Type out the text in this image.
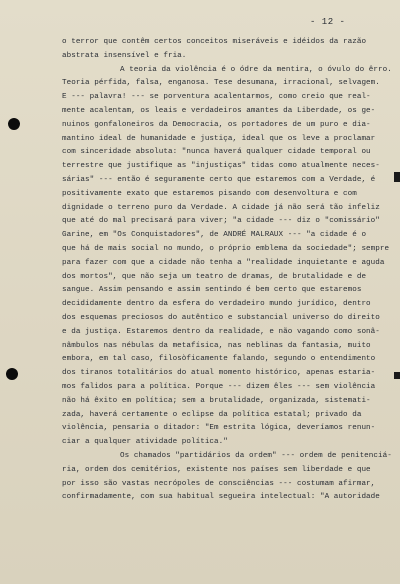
- 12 -
o terror que contêm certos conceitos miseráveis e idéidos da razão
abstrata insensível e fria.
A teoria da violência é o ódre da mentira, o óvulo do êrro.
Teoria pérfida, falsa, enganosa. Tese desumana, irracional, selvagem.
E --- palavra! --- se porventura acalentarmos, como creio que real-
mente acalentam, os leais e verdadeiros amantes da Liberdade, os ge-
nuinos gonfaloneiros da Democracia, os portadores de um puro e dia-
mantino ideal de humanidade e justiça, ideal que os leve a proclamar
com sinceridade absoluta: "nunca haverá qualquer cidade temporal ou
terrestre que justifique as "injustiças" tidas como atualmente neces-
sárias" --- então é seguramente certo que estaremos com a Verdade, é
positivamente exato que estaremos pisando com desenvoltura e com
dignidade o terreno puro da Verdade. A cidade já não será tão infeliz
que até do mal precisará para viver; "a cidade --- diz o "comissário"
Garine, em "Os Conquistadores", de ANDRÉ MALRAUX --- "a cidade é o
que há de mais social no mundo, o próprio emblema da sociedade"; sempre
para fazer com que a cidade não tenha a "realidade inquietante e aguda
dos mortos", que não seja um teatro de dramas, de brutalidade e de
sangue. Assim pensando e assim sentindo é bem certo que estaremos
decididamente dentro da esfera do verdadeiro mundo jurídico, dentro
dos esquemas preciosos do autêntico e substancial universo do direito
e da justiça. Estaremos dentro da realidade, e não vagando como sonâ-
nâmbulos nas nébulas da metafísica, nas neblinas da fantasia, muito
embora, em tal caso, filosòficamente falando, segundo o entendimento
dos tiranos totalitários do atual momento histórico, apenas estaria-
mos falidos para a política. Porque --- dizem êles --- sem violência
não há êxito em política; sem a brutalidade, organizada, sistemati-
zada, haverá certamente o eclipse da política estatal; privado da
violência, pensaria o ditador: "Em estrita lógica, deveríamos renun-
ciar a qualquer atividade política."
Os chamados "partidários da ordem" --- ordem de penitenciá-
ria, ordem dos cemitérios, existente nos países sem liberdade e que
por isso são vastas necrópoles de consciências --- costumam afirmar,
confirmadamente, com sua habitual segueira intelectual: "A autoridade
